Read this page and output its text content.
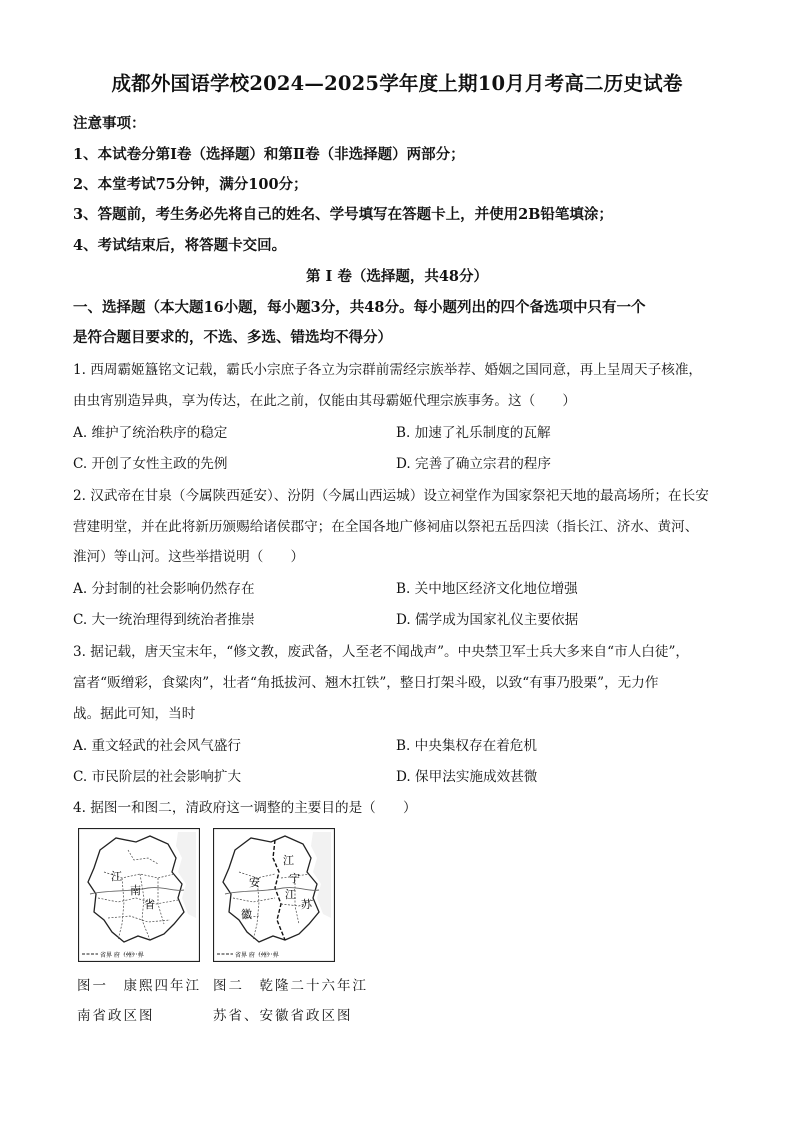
成都外国语学校2024—2025学年度上期10月月考高二历史试卷
注意事项：
1、本试卷分第Ⅰ卷（选择题）和第Ⅱ卷（非选择题）两部分；
2、本堂考试75分钟，满分100分；
3、答题前，考生务必先将自己的姓名、学号填写在答题卡上，并使用2B铅笔填涂；
4、考试结束后，将答题卡交回。
第 Ⅰ 卷（选择题，共48分）
一、选择题（本大题16小题，每小题3分，共48分。每小题列出的四个备选项中只有一个
是符合题目要求的，不选、多选、错选均不得分）
1. 西周霸姬簋铭文记载，霸氏小宗庶子各立为宗群前需经宗族举荐、婚姻之国同意，再上呈周天子核准，
由虫宵别造异典，享为传达，在此之前，仅能由其母霸姬代理宗族事务。这（　　）
A. 维护了统治秩序的稳定	B. 加速了礼乐制度的瓦解
C. 开创了女性主政的先例	D. 完善了确立宗君的程序
2. 汉武帝在甘泉（今属陕西延安）、汾阴（今属山西运城）设立祠堂作为国家祭祀天地的最高场所；在长安
营建明堂，并在此将新历颁赐给诸侯郡守；在全国各地广修祠庙以祭祀五岳四渎（指长江、济水、黄河、
淮河）等山河。这些举措说明（　　）
A. 分封制的社会影响仍然存在	B. 关中地区经济文化地位增强
C. 大一统治理得到统治者推崇	D. 儒学成为国家礼仪主要依据
3. 据记载，唐天宝末年，“修文教，废武备，人至老不闻战声”。中央禁卫军士兵大多来自“市人白徒”，
富者“贩缯彩，食粱肉”，壮者“角抵拔河、翘木扛铁”，整日打架斗殴，以致“有事乃股栗”，无力作
战。据此可知，当时
A. 重文轻武的社会风气盛行	B. 中央集权存在着危机
C. 市民阶层的社会影响扩大	D. 保甲法实施成效甚微
4. 据图一和图二，清政府这一调整的主要目的是（　　）
江
南
省
省界 府（州）界
江
安	宁
江
苏
徽
省界 府（州）界
图一　康熙四年江
南省政区图
图二　乾隆二十六年江
苏省、安徽省政区图
